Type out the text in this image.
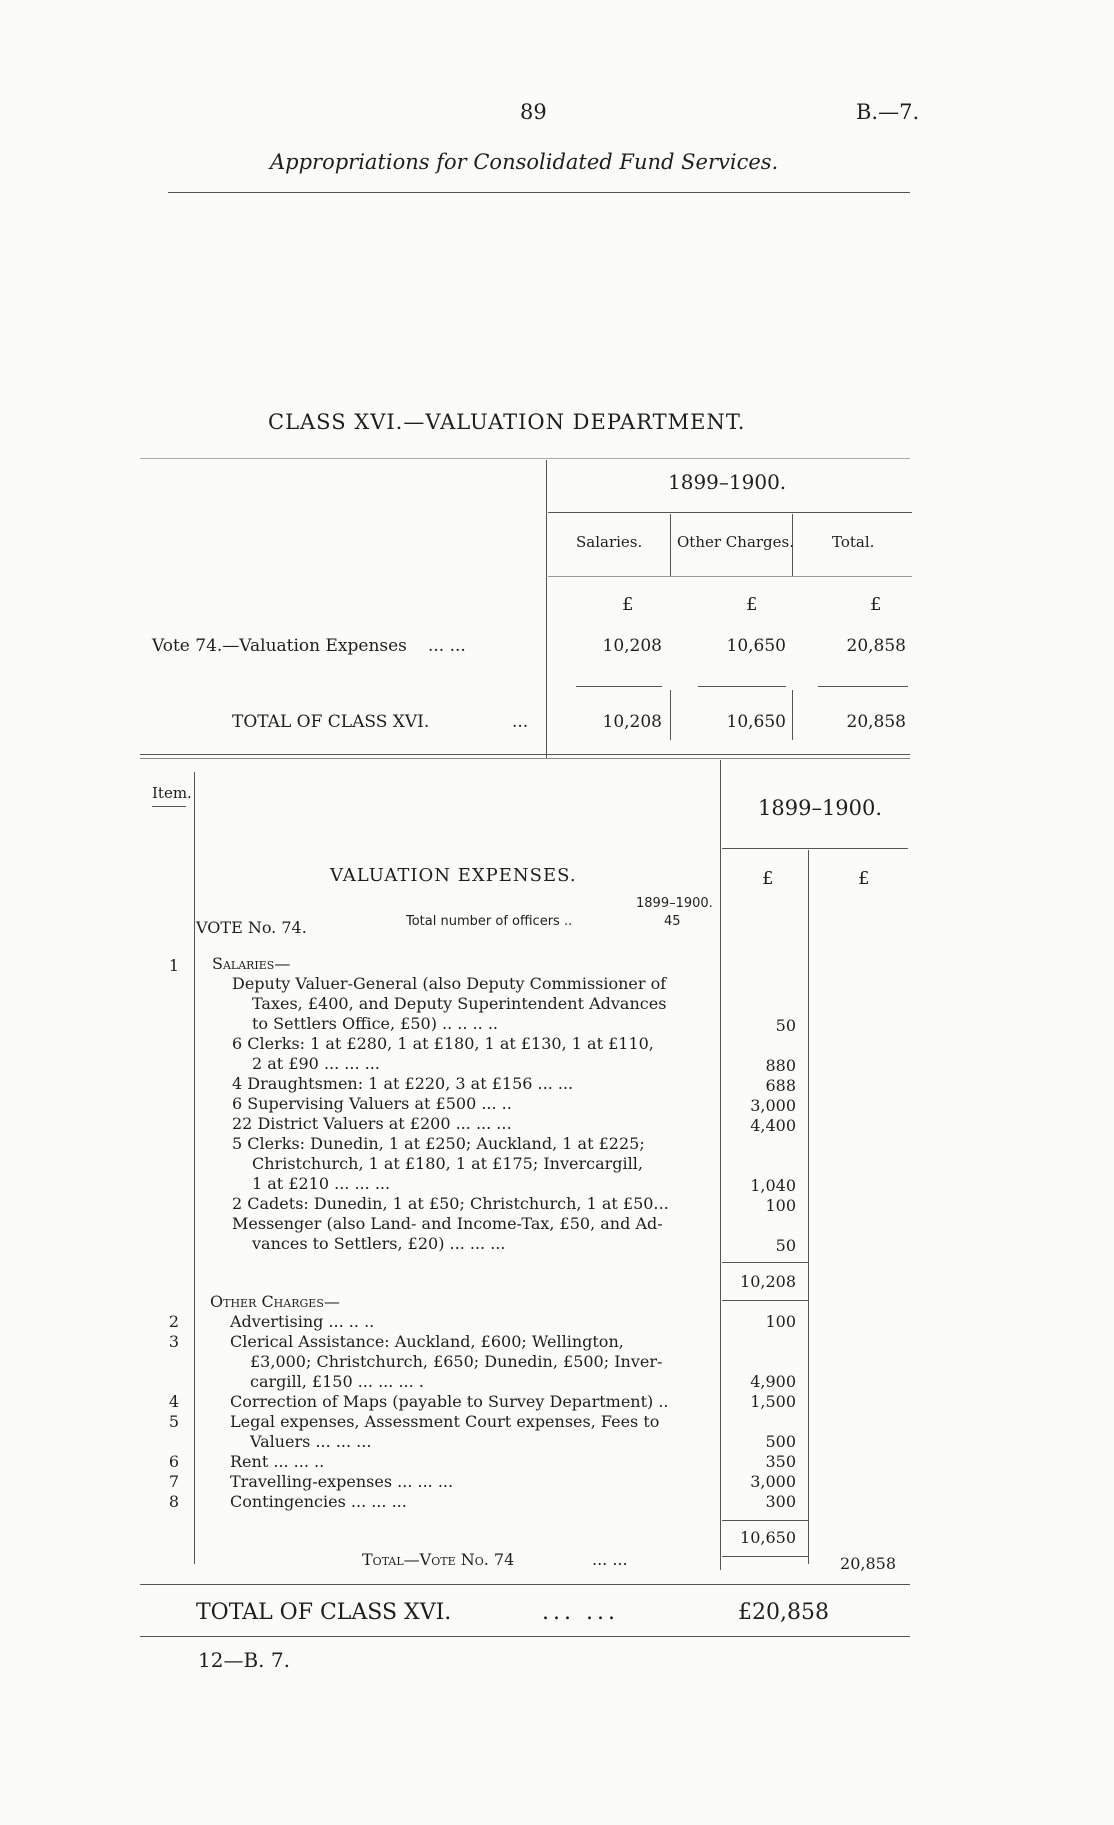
89	B.—7.
Appropriations for Consolidated Fund Services.
CLASS XVI.—VALUATION DEPARTMENT.
1899–1900.
Salaries. Other Charges.	Total.
£	£	£
Vote 74.—Valuation Expenses ... ...	10,208	10,650	20,858
TOTAL OF CLASS XVI.	...	10,208	10,650	20,858
Item.
1899–1900.
VALUATION EXPENSES.	£	£
1899–1900.
Total number of officers ..	45
VOTE No. 74.
1	Salaries—
Deputy Valuer-General (also Deputy Commissioner of
Taxes, £400, and Deputy Superintendent Advances
to Settlers Office, £50) .. .. .. ..	50
6 Clerks: 1 at £280, 1 at £180, 1 at £130, 1 at £110,
2 at £90 ... ... ...	880
4 Draughtsmen: 1 at £220, 3 at £156 ... ...	688
6 Supervising Valuers at £500 ... ..	3,000
22 District Valuers at £200 ... ... ...	4,400
5 Clerks: Dunedin, 1 at £250; Auckland, 1 at £225;
Christchurch, 1 at £180, 1 at £175; Invercargill,
1 at £210 ... ... ...	1,040
2 Cadets: Dunedin, 1 at £50; Christchurch, 1 at £50...	100
Messenger (also Land- and Income-Tax, £50, and Ad-
vances to Settlers, £20) ... ... ...	50
10,208
Other Charges—
2	Advertising ... .. ..	100
3	Clerical Assistance: Auckland, £600; Wellington,
£3,000; Christchurch, £650; Dunedin, £500; Inver-
cargill, £150 ... ... ... .	4,900
4	Correction of Maps (payable to Survey Department) ..	1,500
5	Legal expenses, Assessment Court expenses, Fees to
Valuers ... ... ...	500
6	Rent ... ... ..	350
7	Travelling-expenses ... ... ...	3,000
8	Contingencies ... ... ...	300
10,650
Total—Vote No. 74	... ...	20,858
TOTAL OF CLASS XVI.	... ...	£20,858
12—B. 7.
